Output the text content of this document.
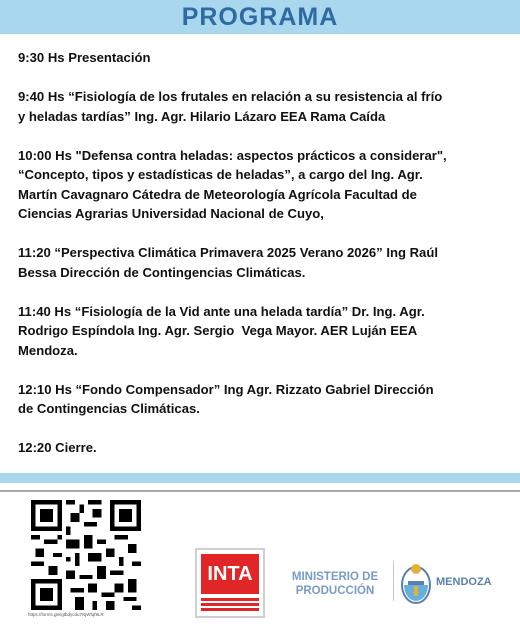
PROGRAMA
9:30 Hs Presentación
9:40 Hs “Fisiología de los frutales en relación a su resistencia al frío
y heladas tardías” Ing. Agr. Hilario Lázaro EEA Rama Caída
10:00 Hs "Defensa contra heladas: aspectos prácticos a considerar",
“Concepto, tipos y estadísticas de heladas”, a cargo del Ing. Agr.
Martín Cavagnaro Cátedra de Meteorología Agrícola Facultad de
Ciencias Agrarias Universidad Nacional de Cuyo,
11:20 “Perspectiva Climática Primavera 2025 Verano 2026” Ing Raúl
Bessa Dirección de Contingencias Climáticas.
11:40 Hs “Fisiología de la Vid ante una helada tardía” Dr. Ing. Agr.
Rodrigo Espíndola Ing. Agr. Sergio  Vega Mayor. AER Luján EEA
Mendoza.
12:10 Hs “Fondo Compensador” Ing Agr. Rizzato Gabriel Dirección
de Contingencias Climáticas.
12:20 Cierre.
https://forms.gle/gtbdycdu7NjWfqf9LR
INTA	MINISTERIO DE
PRODUCCIÓN
MENDOZA
